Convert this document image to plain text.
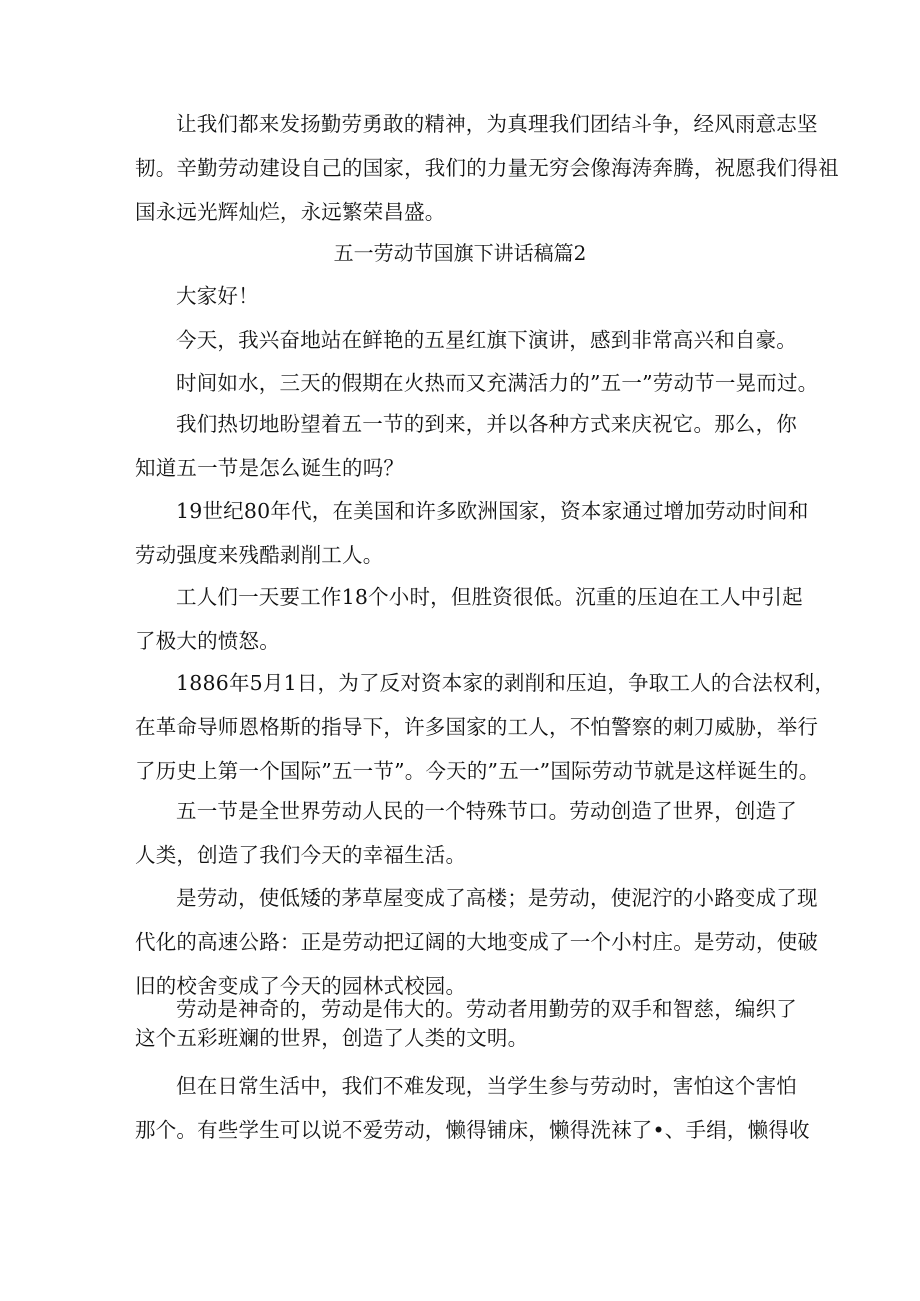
让我们都来发扬勤劳勇敢的精神，为真理我们团结斗争，经风雨意志坚
韧。辛勤劳动建设自己的国家，我们的力量无穷会像海涛奔腾，祝愿我们得祖
国永远光辉灿烂，永远繁荣昌盛。

五一劳动节国旗下讲话稿篇2

大家好！

今天，我兴奋地站在鲜艳的五星红旗下演讲，感到非常高兴和自豪。

时间如水，三天的假期在火热而又充满活力的”五一”劳动节一晃而过。

我们热切地盼望着五一节的到来，并以各种方式来庆祝它。那么，你
知道五一节是怎么诞生的吗？

19世纪80年代，在美国和许多欧洲国家，资本家通过增加劳动时间和
劳动强度来残酷剥削工人。

工人们一天要工作18个小时，但胜资很低。沉重的压迫在工人中引起
了极大的愤怒。

1886年5月1日，为了反对资本家的剥削和压迫，争取工人的合法权利，
在革命导师恩格斯的指导下，许多国家的工人，不怕警察的刺刀威胁，举行
了历史上第一个国际”五一节”。今天的”五一”国际劳动节就是这样诞生的。

五一节是全世界劳动人民的一个特殊节口。劳动创造了世界，创造了
人类，创造了我们今天的幸福生活。

是劳动，使低矮的茅草屋变成了高楼；是劳动，使泥泞的小路变成了现
代化的高速公路：正是劳动把辽阔的大地变成了一个小村庄。是劳动，使破
旧的校舍变成了今天的园林式校园。

劳动是神奇的，劳动是伟大的。劳动者用勤劳的双手和智慈，编织了
这个五彩班斓的世界，创造了人类的文明。

但在日常生活中，我们不难发现，当学生参与劳动时，害怕这个害怕
那个。有些学生可以说不爱劳动，懒得铺床，懒得洗袜了•、手绢，懒得收
